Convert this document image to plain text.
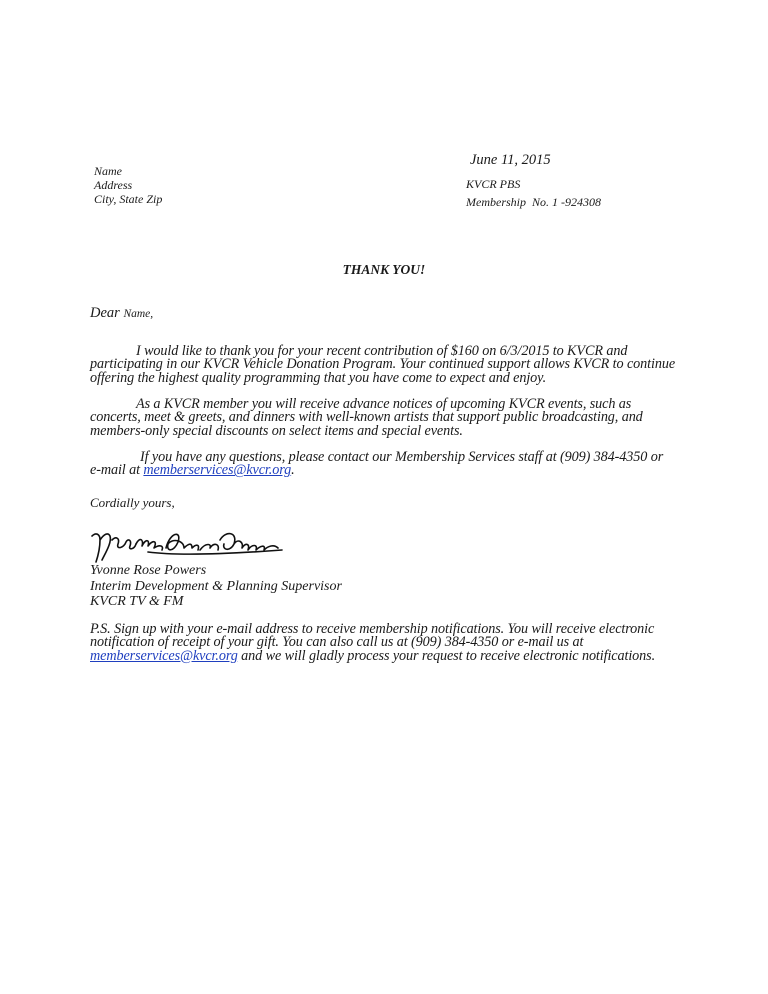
Name
Address
City, State Zip
June 11, 2015
KVCR PBS
Membership  No. 1 -924308
THANK YOU!
Dear Name,
I would like to thank you for your recent contribution of $160 on 6/3/2015 to KVCR and participating in our KVCR Vehicle Donation Program. Your continued support allows KVCR to continue offering the highest quality programming that you have come to expect and enjoy.
As a KVCR member you will receive advance notices of upcoming KVCR events, such as concerts, meet & greets, and dinners with well-known artists that support public broadcasting, and members-only special discounts on select items and special events.
If you have any questions, please contact our Membership Services staff at (909) 384-4350 or e-mail at memberservices@kvcr.org.
Cordially yours,
Yvonne Rose Powers
Interim Development & Planning Supervisor
KVCR TV & FM
P.S. Sign up with your e-mail address to receive membership notifications. You will receive electronic notification of receipt of your gift. You can also call us at (909) 384-4350 or e-mail us at memberservices@kvcr.org and we will gladly process your request to receive electronic notifications.
